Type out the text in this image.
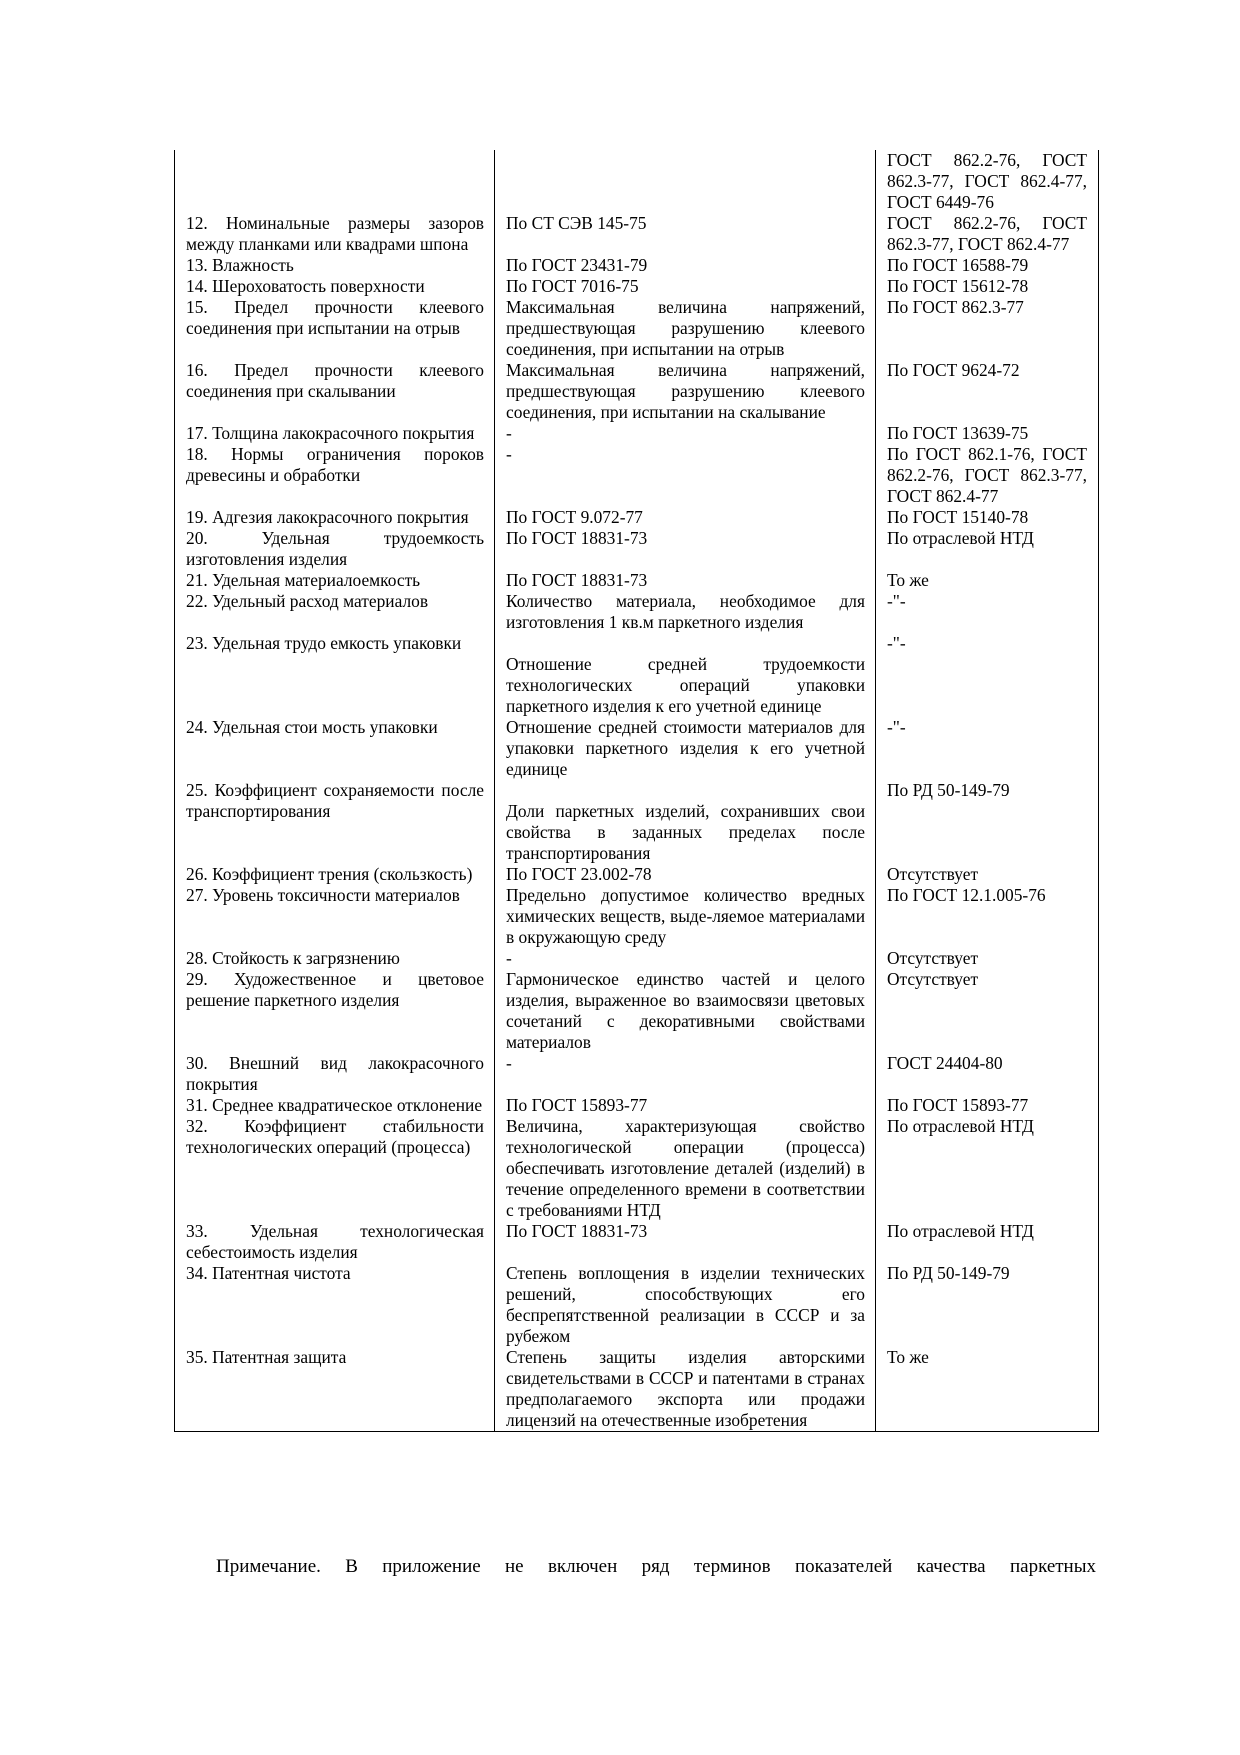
		ГОСТ 862.2-76, ГОСТ 862.3-77, ГОСТ 862.4-77, ГОСТ 6449-76

12. Номинальные размеры зазоров между планками или квадрами шпона	По СТ СЭВ 145-75	ГОСТ 862.2-76, ГОСТ 862.3-77, ГОСТ 862.4-77

13. Влажность	По ГОСТ 23431-79	По ГОСТ 16588-79

14. Шероховатость поверхности	По ГОСТ 7016-75	По ГОСТ 15612-78

15. Предел прочности клеевого соединения при испытании на отрыв	Максимальная величина напряжений, предшествующая разрушению клеевого соединения, при испытании на отрыв	По ГОСТ 862.3-77

16. Предел прочности клеевого соединения при скалывании	Максимальная величина напряжений, предшествующая разрушению клеевого соединения, при испытании на скалывание	По ГОСТ 9624-72

17. Толщина лакокрасочного покрытия	-	По ГОСТ 13639-75

18. Нормы ограничения пороков древесины и обработки	-	По ГОСТ 862.1-76, ГОСТ 862.2-76, ГОСТ 862.3-77, ГОСТ 862.4-77

19. Адгезия лакокрасочного покрытия	По ГОСТ 9.072-77	По ГОСТ 15140-78

20. Удельная трудоемкость изготовления изделия	По ГОСТ 18831-73	По отраслевой НТД

21. Удельная материалоемкость	По ГОСТ 18831-73	То же

22. Удельный расход материалов	Количество материала, необходимое для изготовления 1 кв.м паркетного изделия	-"-

23. Удельная трудо емкость упаковки	Отношение средней трудоемкости технологических операций упаковки паркетного изделия к его учетной единице	-"-

24. Удельная стои мость упаковки	Отношение средней стоимости материалов для упаковки паркетного изделия к его учетной единице	-"-

25. Коэффициент сохраняемости после транспортирования	Доли паркетных изделий, сохранивших свои свойства в заданных пределах после транспортирования	По РД 50-149-79

26. Коэффициент трения (скользкость)	По ГОСТ 23.002-78	Отсутствует

27. Уровень токсичности материалов	Предельно допустимое количество вредных химических веществ, выде-ляемое материалами в окружающую среду	По ГОСТ 12.1.005-76

28. Стойкость к загрязнению	-	Отсутствует

29. Художественное и цветовое решение паркетного изделия	Гармоническое единство частей и целого изделия, выраженное во взаимосвязи цветовых сочетаний с декоративными свойствами материалов	Отсутствует

30. Внешний вид лакокрасочного покрытия	-	ГОСТ 24404-80

31. Среднее квадратическое отклонение	По ГОСТ 15893-77	По ГОСТ 15893-77

32. Коэффициент стабильности технологических операций (процесса)	Величина, характеризующая свойство технологической операции (процесса) обеспечивать изготовление деталей (изделий) в течение определенного времени в соответствии с требованиями НТД	По отраслевой НТД

33. Удельная технологическая себестоимость изделия	По ГОСТ 18831-73	По отраслевой НТД

34. Патентная чистота	Степень воплощения в изделии технических решений, способствующих его беспрепятственной реализации в СССР и за рубежом	По РД 50-149-79

35. Патентная защита	Степень защиты изделия авторскими свидетельствами в СССР и патентами в странах предполагаемого экспорта или продажи лицензий на отечественные изобретения	То же
Примечание. В приложение не включен ряд терминов показателей качества паркетных
